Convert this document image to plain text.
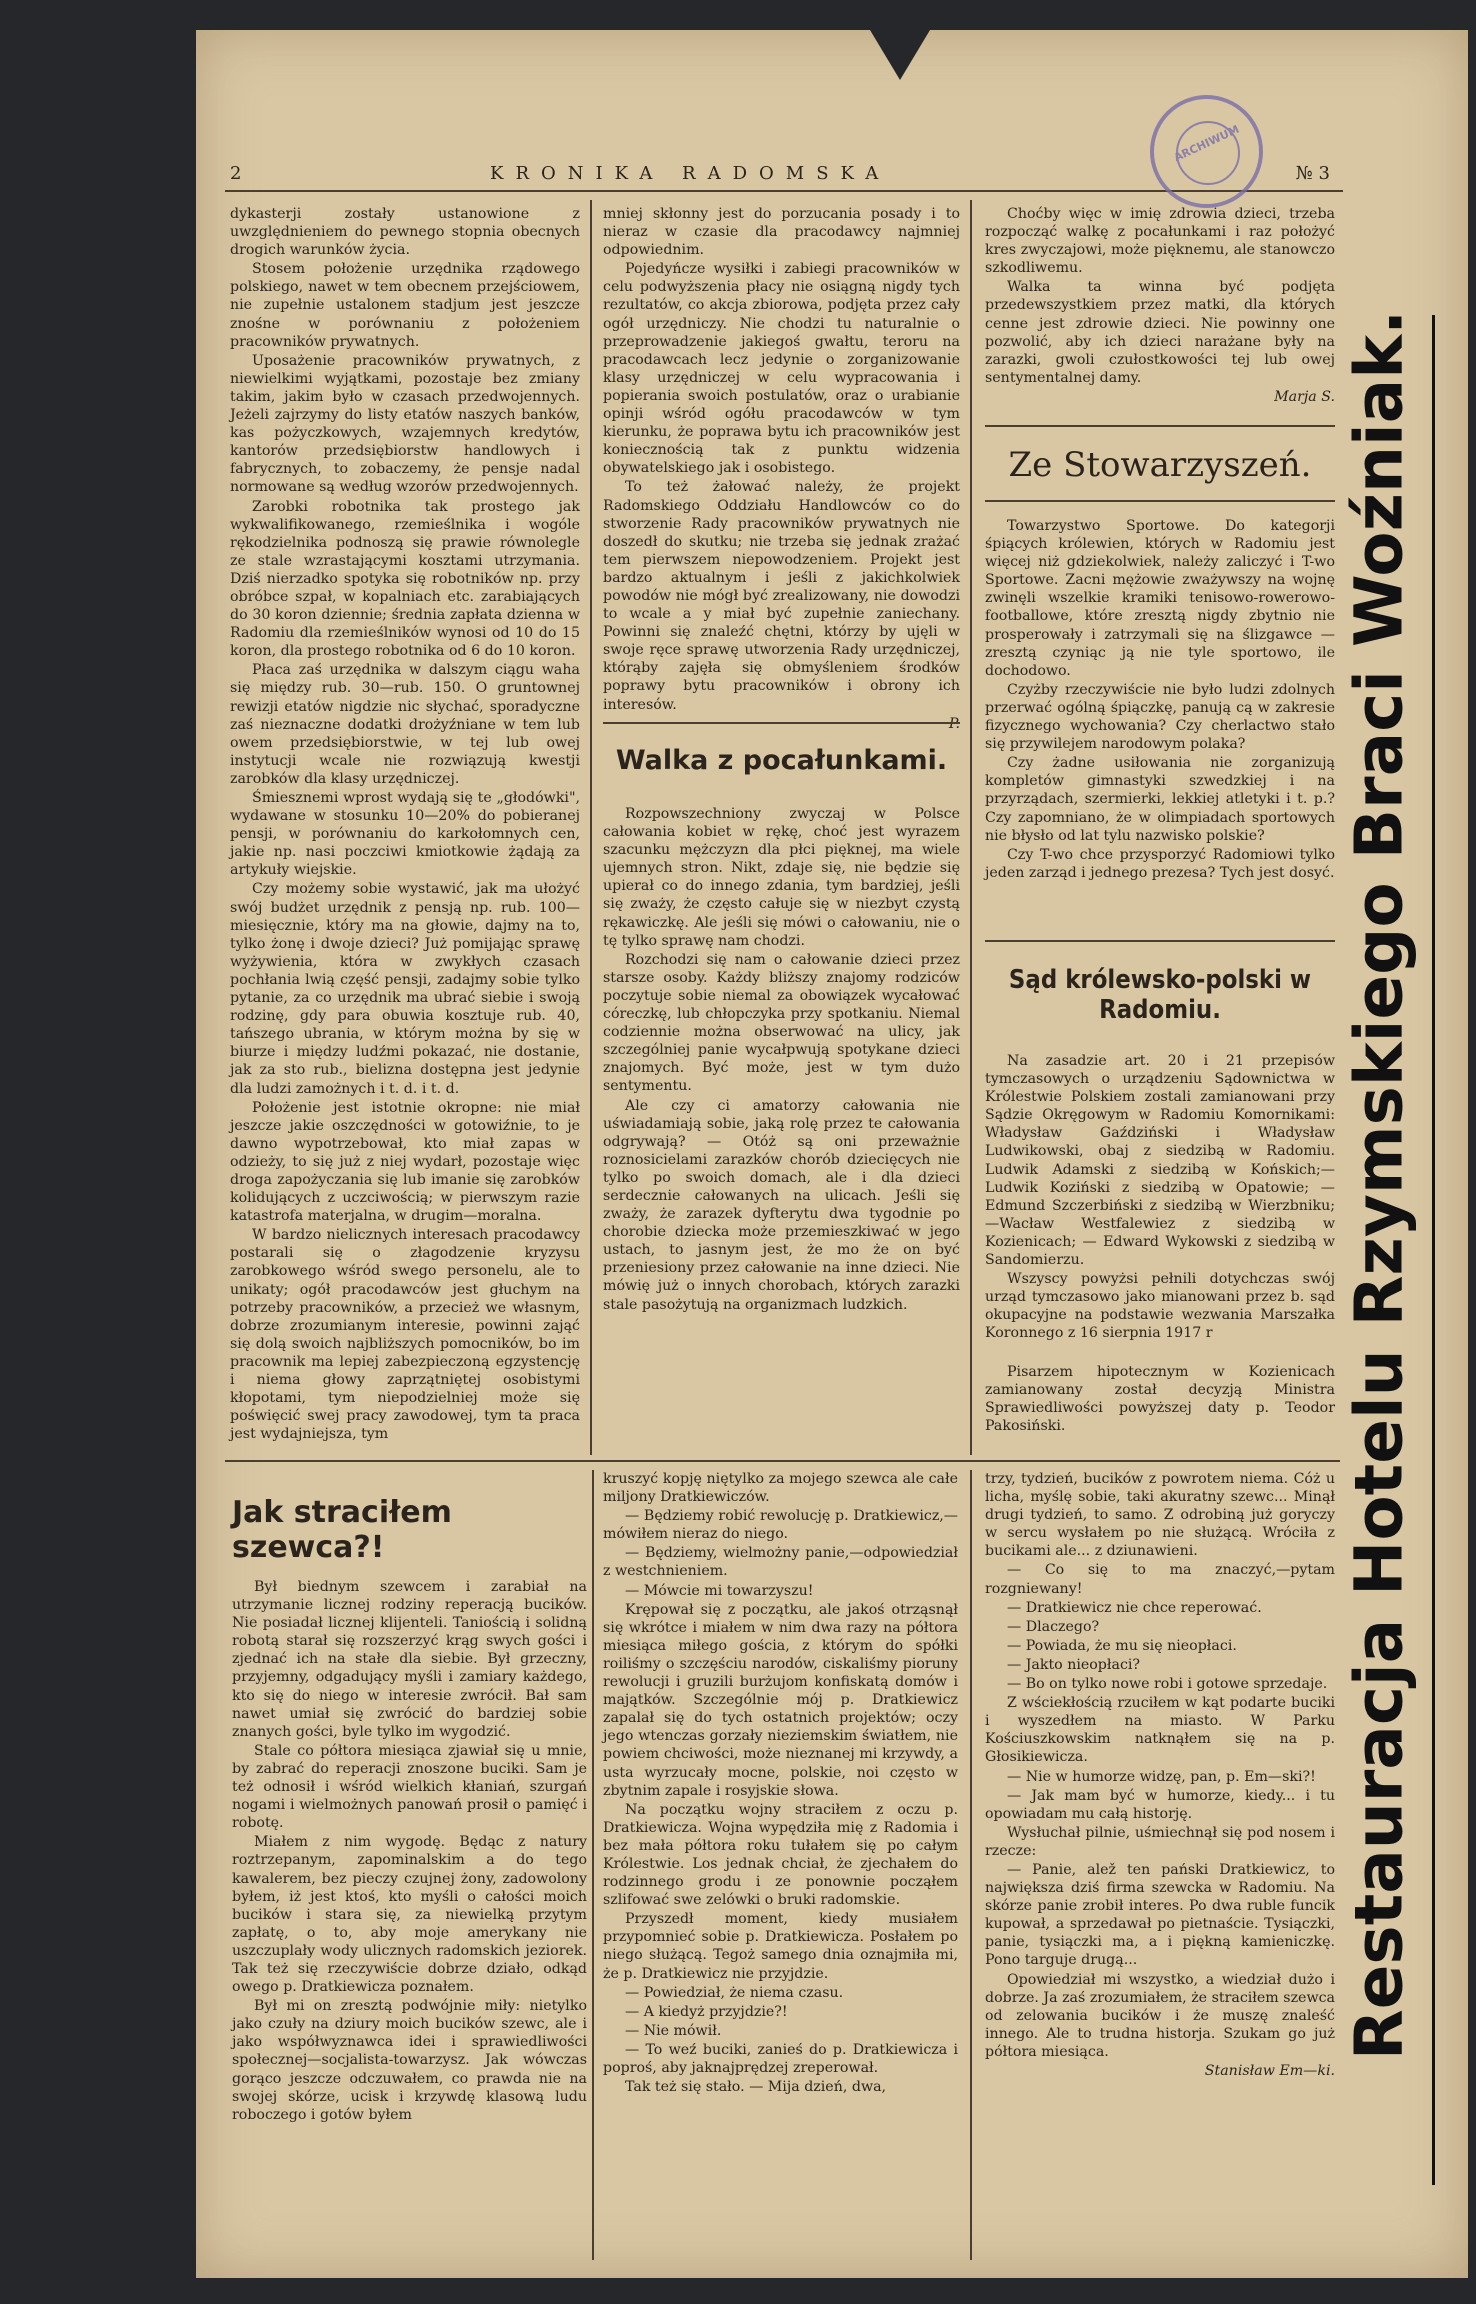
2	KRONIKA RADOMSKA	№ 3
ARCHIWUM

dykasterji zostały ustanowione z uwzględnieniem do pewnego stopnia obecnych drogich warunków życia.

Stosem położenie urzędnika rządowego polskiego, nawet w tem obecnem przejściowem, nie zupełnie ustalonem stadjum jest jeszcze znośne w porównaniu z położeniem pracowników prywatnych.

Uposażenie pracowników prywatnych, z niewielkimi wyjątkami, pozostaje bez zmiany takim, jakim było w czasach przedwojennych. Jeżeli zajrzymy do listy etatów naszych banków, kas pożyczkowych, wzajemnych kredytów, kantorów przedsiębiorstw handlowych i fabrycznych, to zobaczemy, że pensje nadal normowane są według wzorów przedwojennych.

Zarobki robotnika tak prostego jak wykwalifikowanego, rzemieślnika i wogóle rękodzielnika podnoszą się prawie równolegle ze stale wzrastającymi kosztami utrzymania. Dziś nierzadko spotyka się robotników np. przy obróbce szpał, w kopalniach etc. zarabiających do 30 koron dziennie; średnia zapłata dzienna w Radomiu dla rzemieślników wynosi od 10 do 15 koron, dla prostego robotnika od 6 do 10 koron.

Płaca zaś urzędnika w dalszym ciągu waha się między rub. 30—rub. 150. O gruntownej rewizji etatów nigdzie nic słychać, sporadyczne zaś nieznaczne dodatki drożyźniane w tem lub owem przedsiębiorstwie, w tej lub owej instytucji wcale nie rozwiązują kwestji zarobków dla klasy urzędniczej.

Śmiesznemi wprost wydają się te „głodówki", wydawane w stosunku 10—20% do pobieranej pensji, w porównaniu do karkołomnych cen, jakie np. nasi poczciwi kmiotkowie żądają za artykuły wiejskie.

Czy możemy sobie wystawić, jak ma ułożyć swój budżet urzędnik z pensją np. rub. 100—miesięcznie, który ma na głowie, dajmy na to, tylko żonę i dwoje dzieci? Już pomijając sprawę wyżywienia, która w zwykłych czasach pochłania lwią część pensji, zadajmy sobie tylko pytanie, za co urzędnik ma ubrać siebie i swoją rodzinę, gdy para obuwia kosztuje rub. 40, tańszego ubrania, w którym można by się w biurze i między ludźmi pokazać, nie dostanie, jak za sto rub., bielizna dostępna jest jedynie dla ludzi zamożnych i t. d. i t. d.

Położenie jest istotnie okropne: nie miał jeszcze jakie oszczędności w gotowiźnie, to je dawno wypotrzebował, kto miał zapas w odzieży, to się już z niej wydarł, pozostaje więc droga zapożyczania się lub imanie się zarobków kolidujących z uczciwością; w pierwszym razie katastrofa materjalna, w drugim—moralna.

W bardzo nielicznych interesach pracodawcy postarali się o złagodzenie kryzysu zarobkowego wśród swego personelu, ale to unikaty; ogół pracodawców jest głuchym na potrzeby pracowników, a przecież we własnym, dobrze zrozumianym interesie, powinni zająć się dolą swoich najbliższych pomocników, bo im pracownik ma lepiej zabezpieczoną egzystencję i niema głowy zaprzątniętej osobistymi kłopotami, tym niepodzielniej może się poświęcić swej pracy zawodowej, tym ta praca jest wydajniejsza, tym

mniej skłonny jest do porzucania posady i to nieraz w czasie dla pracodawcy najmniej odpowiednim.

Pojedyńcze wysiłki i zabiegi pracowników w celu podwyższenia płacy nie osiągną nigdy tych rezultatów, co akcja zbiorowa, podjęta przez cały ogół urzędniczy. Nie chodzi tu naturalnie o przeprowadzenie jakiegoś gwałtu, teroru na pracodawcach lecz jedynie o zorganizowanie klasy urzędniczej w celu wypracowania i popierania swoich postulatów, oraz o urabianie opinji wśród ogółu pracodawców w tym kierunku, że poprawa bytu ich pracowników jest koniecznością tak z punktu widzenia obywatelskiego jak i osobistego.

To też żałować należy, że projekt Radomskiego Oddziału Handlowców co do stworzenie Rady pracowników prywatnych nie doszedł do skutku; nie trzeba się jednak zrażać tem pierwszem niepowodzeniem. Projekt jest bardzo aktualnym i jeśli z jakichkolwiek powodów nie mógł być zrealizowany, nie dowodzi to wcale a y miał być zupełnie zaniechany. Powinni się znaleźć chętni, którzy by ujęli w swoje ręce sprawę utworzenia Rady urzędniczej, którąby zajęła się obmyśleniem środków poprawy bytu pracowników i obrony ich interesów.

Walka z pocałunkami.

Rozpowszechniony zwyczaj w Polsce całowania kobiet w rękę, choć jest wyrazem szacunku mężczyzn dla płci pięknej, ma wiele ujemnych stron. Nikt, zdaje się, nie będzie się upierał co do innego zdania, tym bardziej, jeśli się zważy, że często całuje się w niezbyt czystą rękawiczkę. Ale jeśli się mówi o całowaniu, nie o tę tylko sprawę nam chodzi.

Rozchodzi się nam o całowanie dzieci przez starsze osoby. Każdy bliższy znajomy rodziców poczytuje sobie niemal za obowiązek wycałować córeczkę, lub chłopczyka przy spotkaniu. Niemal codziennie można obserwować na ulicy, jak szczególniej panie wycałpwują spotykane dzieci znajomych. Być może, jest w tym dużo sentymentu.

Ale czy ci amatorzy całowania nie uświadamiają sobie, jaką rolę przez te całowania odgrywają? — Otóż są oni przeważnie roznosicielami zarazków chorób dziecięcych nie tylko po swoich domach, ale i dla dzieci serdecznie całowanych na ulicach. Jeśli się zważy, że zarazek dyfterytu dwa tygodnie po chorobie dziecka może przemieszkiwać w jego ustach, to jasnym jest, że mo że on być przeniesiony przez całowanie na inne dzieci. Nie mówię już o innych chorobach, których zarazki stale pasożytują na organizmach ludzkich.

Choćby więc w imię zdrowia dzieci, trzeba rozpocząć walkę z pocałunkami i raz położyć kres zwyczajowi, może pięknemu, ale stanowczo szkodliwemu.

Walka ta winna być podjęta przedewszystkiem przez matki, dla których cenne jest zdrowie dzieci. Nie powinny one pozwolić, aby ich dzieci narażane były na zarazki, gwoli czułostkowości tej lub owej sentymentalnej damy.

Marja S.

Ze Stowarzyszeń.

Towarzystwo Sportowe. Do kategorji śpiących królewien, których w Radomiu jest więcej niż gdziekolwiek, należy zaliczyć i T-wo Sportowe. Zacni mężowie zważywszy na wojnę zwinęli wszelkie kramiki tenisowo-rowerowo-footballowe, które zresztą nigdy zbytnio nie prosperowały i zatrzymali się na ślizgawce — zresztą czyniąc ją nie tyle sportowo, ile dochodowo.

Czyżby rzeczywiście nie było ludzi zdolnych przerwać ogólną śpiączkę, panują cą w zakresie fizycznego wychowania? Czy cherlactwo stało się przywilejem narodowym polaka?

Czy żadne usiłowania nie zorganizują kompletów gimnastyki szwedzkiej i na przyrządach, szermierki, lekkiej atletyki i t. p.? Czy zapomniano, że w olimpiadach sportowych nie błysło od lat tylu nazwisko polskie?

Czy T-wo chce przysporzyć Radomiowi tylko jeden zarząd i jednego prezesa? Tych jest dosyć.

Sąd królewsko-polski w Radomiu.

Na zasadzie art. 20 i 21 przepisów tymczasowych o urządzeniu Sądownictwa w Królestwie Polskiem zostali zamianowani przy Sądzie Okręgowym w Radomiu Komornikami: Władysław Gaździński i Władysław Ludwikowski, obaj z siedzibą w Radomiu. Ludwik Adamski z siedzibą w Końskich;—Ludwik Koziński z siedzibą w Opatowie; — Edmund Szczerbiński z siedzibą w Wierzbniku;—Wacław Westfalewiez z siedzibą w Kozienicach; — Edward Wykowski z siedzibą w Sandomierzu.

Wszyscy powyżsi pełnili dotychczas swój urząd tymczasowo jako mianowani przez b. sąd okupacyjne na podstawie wezwania Marszałka Koronnego z 16 sierpnia 1917 r

Pisarzem hipotecznym w Kozienicach zamianowany został decyzją Ministra Sprawiedliwości powyższej daty p. Teodor Pakosiński.

Jak straciłem szewca?!

Był biednym szewcem i zarabiał na utrzymanie licznej rodziny reperacją bucików. Nie posiadał licznej klijenteli. Taniością i solidną robotą starał się rozszerzyć krąg swych gości i zjednać ich na stałe dla siebie. Był grzeczny, przyjemny, odgadujący myśli i zamiary każdego, kto się do niego w interesie zwrócił. Bał sam nawet umiał się zwrócić do bardziej sobie znanych gości, byle tylko im wygodzić.

Stale co półtora miesiąca zjawiał się u mnie, by zabrać do reperacji znoszone buciki. Sam je też odnosił i wśród wielkich kłaniań, szurgań nogami i wielmożnych panowań prosił o pamięć i robotę.

Miałem z nim wygodę. Będąc z natury roztrzepanym, zapominalskim a do tego kawalerem, bez pieczy czujnej żony, zadowolony byłem, iż jest ktoś, kto myśli o całości moich bucików i stara się, za niewielką przytym zapłatę, o to, aby moje amerykany nie uszczuplały wody ulicznych radomskich jeziorek. Tak też się rzeczywiście dobrze działo, odkąd owego p. Dratkiewicza poznałem.

Był mi on zresztą podwójnie miły: nietylko jako czuły na dziury moich bucików szewc, ale i jako współwyznawca idei i sprawiedliwości społecznej—socjalista-towarzysz. Jak wówczas gorąco jeszcze odczuwałem, co prawda nie na swojej skórze, ucisk i krzywdę klasową ludu roboczego i gotów byłem

kruszyć kopję niętylko za mojego szewca ale całe miljony Dratkiewiczów.

— Będziemy robić rewolucję p. Dratkiewicz,—mówiłem nieraz do niego.

— Będziemy, wielmożny panie,—odpowiedział z westchnieniem.

— Mówcie mi towarzyszu!

Krępował się z początku, ale jakoś otrząsnął się wkrótce i miałem w nim dwa razy na półtora miesiąca miłego gościa, z którym do spółki roiliśmy o szczęściu narodów, ciskaliśmy pioruny rewolucji i gruzili burżujom konfiskatą domów i majątków. Szczególnie mój p. Dratkiewicz zapalał się do tych ostatnich projektów; oczy jego wtenczas gorzały nieziemskim światłem, nie powiem chciwości, może nieznanej mi krzywdy, a usta wyrzucały mocne, polskie, noi często w zbytnim zapale i rosyjskie słowa.

Na początku wojny straciłem z oczu p. Dratkiewicza. Wojna wypędziła mię z Radomia i bez mała półtora roku tułałem się po całym Królestwie. Los jednak chciał, że zjechałem do rodzinnego grodu i ze ponownie począłem szlifować swe zelówki o bruki radomskie.

Przyszedł moment, kiedy musiałem przypomnieć sobie p. Dratkiewicza. Posłałem po niego służącą. Tegoż samego dnia oznajmiła mi, że p. Dratkiewicz nie przyjdzie.

— Powiedział, że niema czasu.

— A kiedyż przyjdzie?!

— Nie mówił.

— To weź buciki, zanieś do p. Dratkiewicza i poproś, aby jaknajprędzej zreperował.

Tak też się stało. — Mija dzień, dwa,

trzy, tydzień, bucików z powrotem niema. Cóż u licha, myślę sobie, taki akuratny szewc... Minął drugi tydzień, to samo. Z odrobiną już goryczy w sercu wysłałem po nie służącą. Wróciła z bucikami ale... z dziunawieni.

— Co się to ma znaczyć,—pytam rozgniewany!

— Dratkiewicz nie chce reperować.

— Dlaczego?

— Powiada, że mu się nieopłaci.

— Jakto nieopłaci?

— Bo on tylko nowe robi i gotowe sprzedaje.

Z wściekłością rzuciłem w kąt podarte buciki i wyszedłem na miasto. W Parku Kościuszkowskim natknąłem się na p. Głosikiewicza.

— Nie w humorze widzę, pan, p. Em—ski?!

— Jak mam być w humorze, kiedy... i tu opowiadam mu całą historję.

Wysłuchał pilnie, uśmiechnął się pod nosem i rzecze:

— Panie, alež ten pański Dratkiewicz, to największa dziś firma szewcka w Radomiu. Na skórze panie zrobił interes. Po dwa ruble funcik kupował, a sprzedawał po pietnaście. Tysiączki, panie, tysiączki ma, a i piękną kamieniczkę. Pono targuje drugą...

Opowiedział mi wszystko, a wiedział dużo i dobrze. Ja zaś zrozumiałem, że straciłem szewca od zelowania bucików i że muszę znaleść innego. Ale to trudna historja. Szukam go już półtora miesiąca.

Stanisław Em—ki.

Restauracja Hotelu Rzymskiego Braci Woźniak.
